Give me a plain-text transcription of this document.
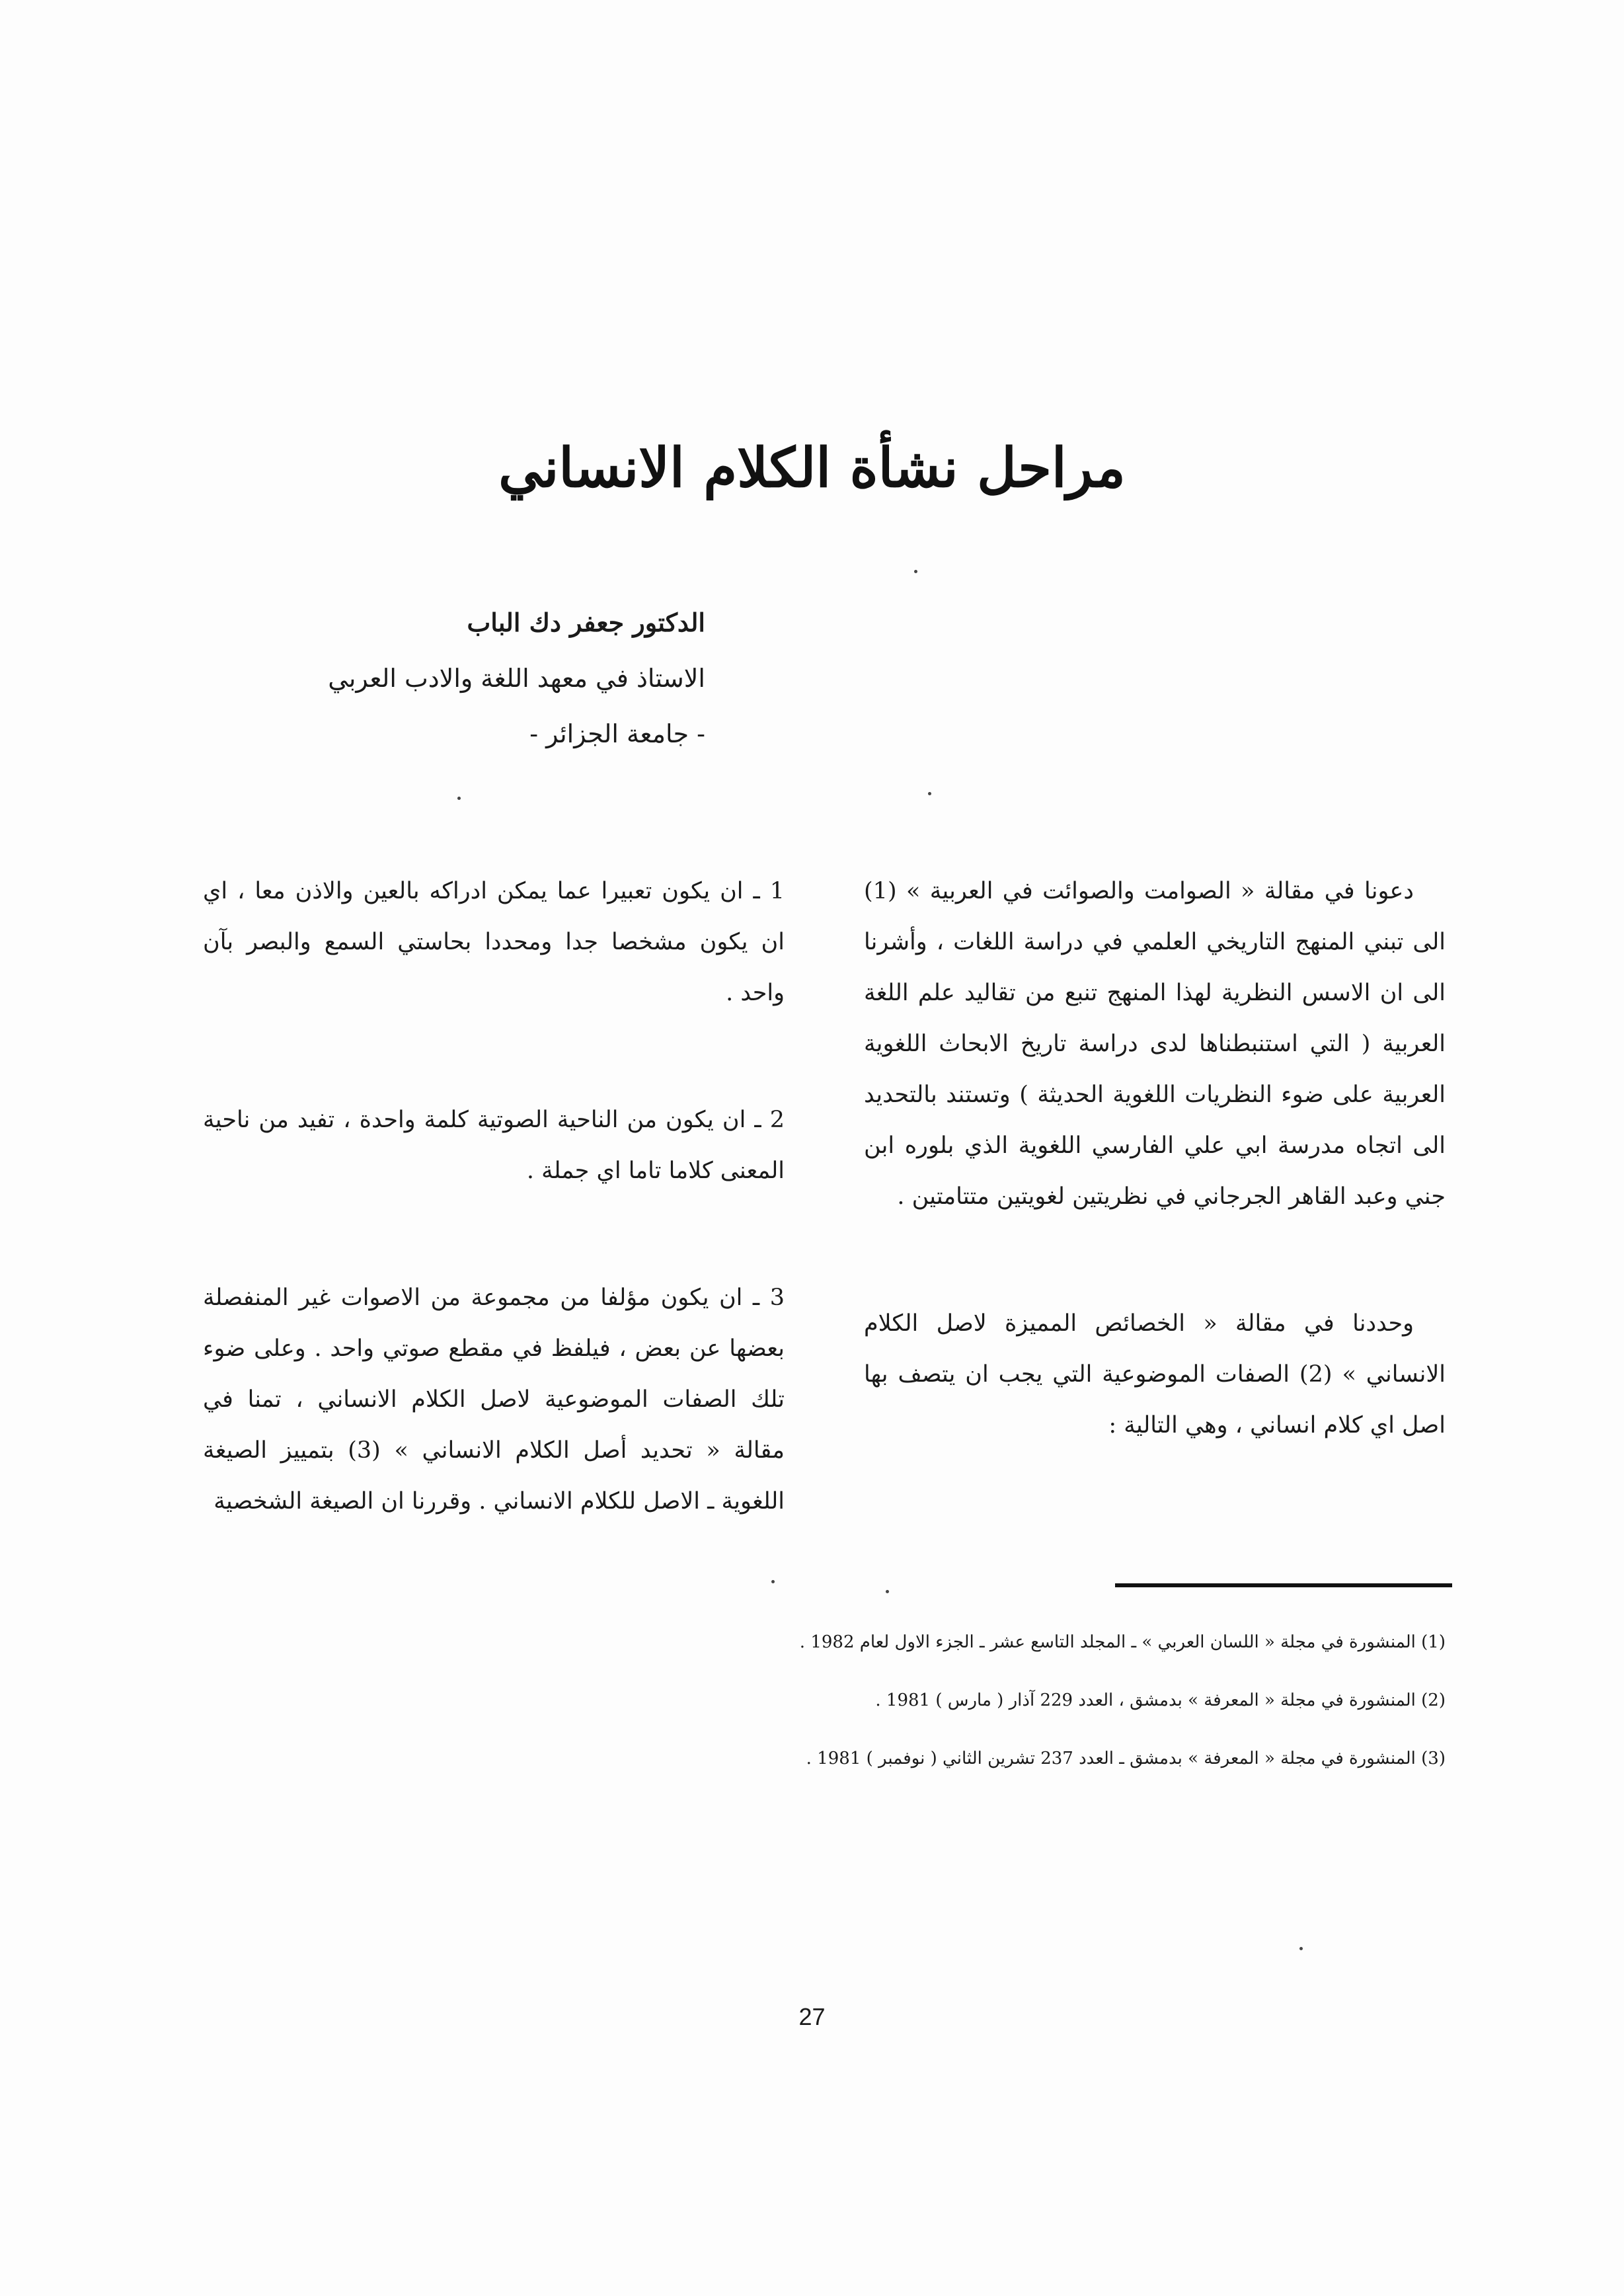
مراحل نشأة الكلام الانساني
الدكتور جعفر دك الباب
الاستاذ في معهد اللغة والادب العربي
- جامعة الجزائر -

دعونا في مقالة « الصوامت والصوائت في العربية » (1) الى تبني المنهج التاريخي العلمي في دراسة اللغات ، وأشرنا الى ان الاسس النظرية لهذا المنهج تنبع من تقاليد علم اللغة العربية ( التي استنبطناها لدى دراسة تاريخ الابحاث اللغوية العربية على ضوء النظريات اللغوية الحديثة ) وتستند بالتحديد الى اتجاه مدرسة ابي علي الفارسي اللغوية الذي بلوره ابن جني وعبد القاهر الجرجاني في نظريتين لغويتين متتامتين .

وحددنا في مقالة « الخصائص المميزة لاصل الكلام الانساني » (2) الصفات الموضوعية التي يجب ان يتصف بها اصل اي كلام انساني ، وهي التالية :

1 ـ ان يكون تعبيرا عما يمكن ادراكه بالعين والاذن معا ، اي ان يكون مشخصا جدا ومحددا بحاستي السمع والبصر بآن واحد .

2 ـ ان يكون من الناحية الصوتية كلمة واحدة ، تفيد من ناحية المعنى كلاما تاما اي جملة .

3 ـ ان يكون مؤلفا من مجموعة من الاصوات غير المنفصلة بعضها عن بعض ، فيلفظ في مقطع صوتي واحد . وعلى ضوء تلك الصفات الموضوعية لاصل الكلام الانساني ، تمنا في مقالة « تحديد أصل الكلام الانساني » (3) بتمييز الصيغة اللغوية ـ الاصل للكلام الانساني . وقررنا ان الصيغة الشخصية

(1) المنشورة في مجلة « اللسان العربي » ـ المجلد التاسع عشر ـ الجزء الاول لعام 1982 .
(2) المنشورة في مجلة « المعرفة » بدمشق ، العدد 229 آذار ( مارس ) 1981 .
(3) المنشورة في مجلة « المعرفة » بدمشق ـ العدد 237 تشرين الثاني ( نوفمبر ) 1981 .
27
